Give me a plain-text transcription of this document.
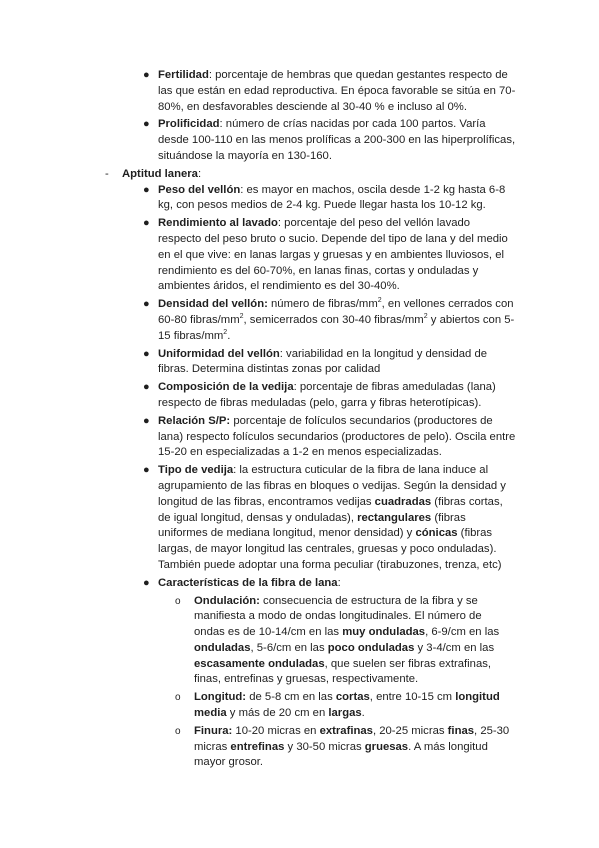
● Fertilidad: porcentaje de hembras que quedan gestantes respecto de las que están en edad reproductiva. En época favorable se sitúa en 70-80%, en desfavorables desciende al 30-40 % e incluso al 0%.
● Prolificidad: número de crías nacidas por cada 100 partos. Varía desde 100-110 en las menos prolíficas a 200-300 en las hiperprolíficas, situándose la mayoría en 130-160.
- Aptitud lanera:
● Peso del vellón: es mayor en machos, oscila desde 1-2 kg hasta 6-8 kg, con pesos medios de 2-4 kg. Puede llegar hasta los 10-12 kg.
● Rendimiento al lavado: porcentaje del peso del vellón lavado respecto del peso bruto o sucio. Depende del tipo de lana y del medio en el que vive: en lanas largas y gruesas y en ambientes lluviosos, el rendimiento es del 60-70%, en lanas finas, cortas y onduladas y ambientes áridos, el rendimiento es del 30-40%.
● Densidad del vellón: número de fibras/$mm^2$, en vellones cerrados con 60-80 fibras/$mm^2$, semicerrados con 30-40 fibras/$mm^2$ y abiertos con 5-15 fibras/$mm^2$.
● Uniformidad del vellón: variabilidad en la longitud y densidad de fibras. Determina distintas zonas por calidad
● Composición de la vedija: porcentaje de fibras ameduladas (lana) respecto de fibras meduladas (pelo, garra y fibras heterotípicas).
● Relación S/P: porcentaje de folículos secundarios (productores de lana) respecto folículos secundarios (productores de pelo). Oscila entre 15-20 en especializadas a 1-2 en menos especializadas.
● Tipo de vedija: la estructura cuticular de la fibra de lana induce al agrupamiento de las fibras en bloques o vedijas. Según la densidad y longitud de las fibras, encontramos vedijas cuadradas (fibras cortas, de igual longitud, densas y onduladas), rectangulares (fibras uniformes de mediana longitud, menor densidad) y cónicas (fibras largas, de mayor longitud las centrales, gruesas y poco onduladas). También puede adoptar una forma peculiar (tirabuzones, trenza, etc)
● Características de la fibra de lana:
o Ondulación: consecuencia de estructura de la fibra y se manifiesta a modo de ondas longitudinales. El número de ondas es de 10-14/cm en las muy onduladas, 6-9/cm en las onduladas, 5-6/cm en las poco onduladas y 3-4/cm en las escasamente onduladas, que suelen ser fibras extrafinas, finas, entrefinas y gruesas, respectivamente.
o Longitud: de 5-8 cm en las cortas, entre 10-15 cm longitud media y más de 20 cm en largas.
o Finura: 10-20 micras en extrafinas, 20-25 micras finas, 25-30 micras entrefinas y 30-50 micras gruesas. A más longitud mayor grosor.
